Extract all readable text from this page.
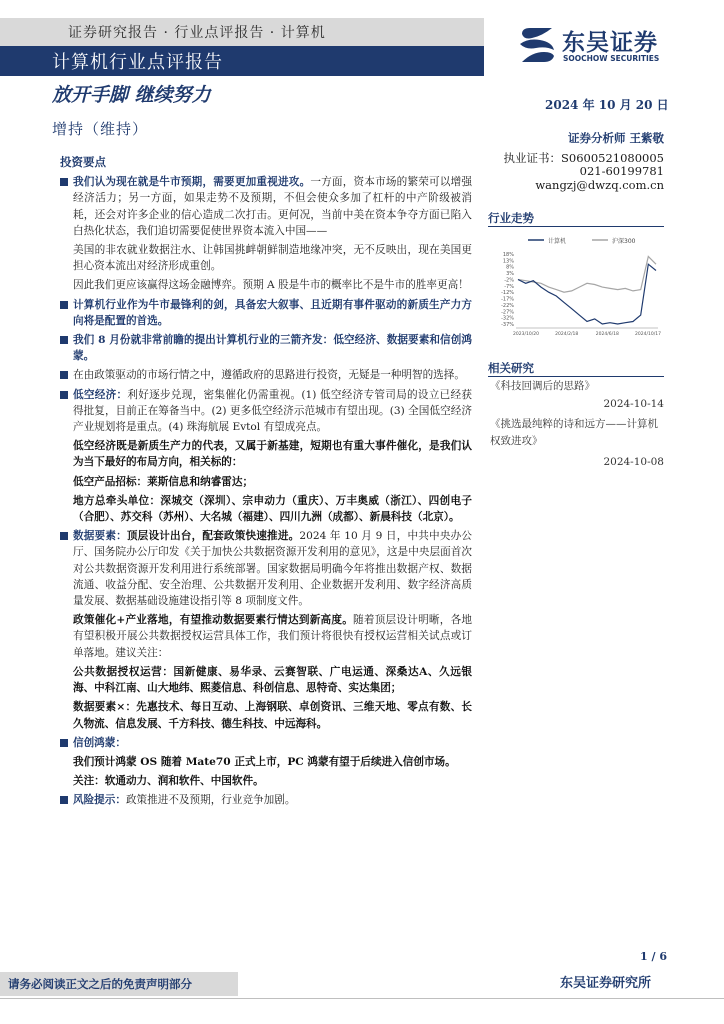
证券研究报告 · 行业点评报告 · 计算机
计算机行业点评报告
东吴证券
SOOCHOW SECURITIES
放开手脚 继续努力
增持（维持）
2024 年 10 月 20 日
证券分析师 王紫敬
执业证书：S0600521080005
021-60199781
wangzj@dwzq.com.cn
行业走势
计算机	沪深300
18%
13%
8%
3%
-2%
-7%
-12%
-17%
-22%
-27%
-32%
-37%
2023/10/20	2024/2/18	2024/6/18	2024/10/17
相关研究
《科技回调后的思路》
2024-10-14
《挑选最纯粹的诗和远方——计算机权致进攻》
2024-10-08
投资要点
我们认为现在就是牛市预期，需要更加重视进攻。一方面，资本市场的繁荣可以增强经济活力；另一方面，如果走势不及预期，不但会使众多加了杠杆的中产阶级被消耗，还会对许多企业的信心造成二次打击。更何况，当前中美在资本争夺方面已陷入白热化状态，我们追切需要促使世界资本流入中国——
美国的非农就业数据注水、让韩国挑衅朝鲜制造地缘冲突，无不反映出，现在美国更担心资本流出对经济形成重创。
因此我们更应该赢得这场金融博弈。预期 A 股是牛市的概率比不是牛市的胜率更高！
计算机行业作为牛市最锋利的剑，具备宏大叙事、且近期有事件驱动的新质生产力方向将是配置的首选。
我们 8 月份就非常前瞻的提出计算机行业的三箭齐发：低空经济、数据要素和信创鸿蒙。
在由政策驱动的市场行情之中，遵循政府的思路进行投资，无疑是一种明智的选择。
低空经济：利好逐步兑现，密集催化仍需重视。(1) 低空经济专管司局的设立已经获得批复，目前正在筹备当中。(2) 更多低空经济示范城市有望出现。(3) 全国低空经济产业规划将是重点。(4) 珠海航展 Evtol 有望成亮点。
低空经济既是新质生产力的代表，又属于新基建，短期也有重大事件催化，是我们认为当下最好的布局方向，相关标的：
低空产品招标：莱斯信息和纳睿雷达；
地方总牵头单位：深城交（深圳）、宗申动力（重庆）、万丰奥威（浙江）、四创电子（合肥）、苏交科（苏州）、大名城（福建）、四川九洲（成都）、新晨科技（北京）。
数据要素：顶层设计出台，配套政策快速推进。2024 年 10 月 9 日，中共中央办公厅、国务院办公厅印发《关于加快公共数据资源开发利用的意见》，这是中央层面首次对公共数据资源开发利用进行系统部署。国家数据局明确今年将推出数据产权、数据流通、收益分配、安全治理、公共数据开发利用、企业数据开发利用、数字经济高质量发展、数据基础设施建设指引等 8 项制度文件。
政策催化+产业落地，有望推动数据要素行情达到新高度。随着顶层设计明晰，各地有望积极开展公共数据授权运营具体工作，我们预计将很快有授权运营相关试点或订单落地。建议关注：
公共数据授权运营：国新健康、易华录、云赛智联、广电运通、深桑达A、久远银海、中科江南、山大地纬、熙菱信息、科创信息、思特奇、实达集团；
数据要素×：先惠技术、每日互动、上海钢联、卓创资讯、三维天地、零点有数、长久物流、信息发展、千方科技、德生科技、中远海科。
信创鸿蒙：
我们预计鸿蒙 OS 随着 Mate70 正式上市，PC 鸿蒙有望于后续进入信创市场。
关注：软通动力、润和软件、中国软件。
风险提示：政策推进不及预期，行业竞争加剧。
1 / 6
请务必阅读正文之后的免责声明部分	东吴证券研究所
